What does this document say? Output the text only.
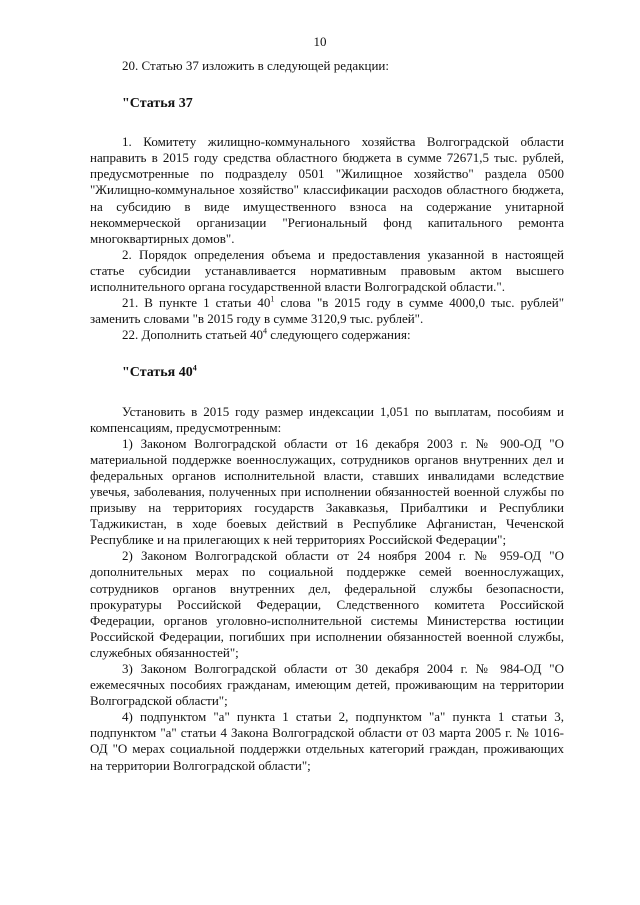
10

20. Статью 37 изложить в следующей редакции:

"Статья 37

1. Комитету жилищно-коммунального хозяйства Волгоградской области направить в 2015 году средства областного бюджета в сумме 72671,5 тыс. рублей, предусмотренные по подразделу 0501 "Жилищное хозяйство" раздела 0500 "Жилищно-коммунальное хозяйство" классификации расходов областного бюджета, на субсидию в виде имущественного взноса на содержание унитарной некоммерческой организации "Региональный фонд капитального ремонта многоквартирных домов".

2. Порядок определения объема и предоставления указанной в настоящей статье субсидии устанавливается нормативным правовым актом высшего исполнительного органа государственной власти Волгоградской области.".

21. В пункте 1 статьи $40^1$ слова "в 2015 году в сумме 4000,0 тыс. рублей" заменить словами "в 2015 году в сумме 3120,9 тыс. рублей".

22. Дополнить статьей $40^4$ следующего содержания:

"Статья $40^4$

Установить в 2015 году размер индексации 1,051 по выплатам, пособиям и компенсациям, предусмотренным:

1) Законом Волгоградской области от 16 декабря 2003 г. № 900-ОД "О материальной поддержке военнослужащих, сотрудников органов внутренних дел и федеральных органов исполнительной власти, ставших инвалидами вследствие увечья, заболевания, полученных при исполнении обязанностей военной службы по призыву на территориях государств Закавказья, Прибалтики и Республики Таджикистан, в ходе боевых действий в Республике Афганистан, Чеченской Республике и на прилегающих к ней территориях Российской Федерации";

2) Законом Волгоградской области от 24 ноября 2004 г. № 959-ОД "О дополнительных мерах по социальной поддержке семей военнослужащих, сотрудников органов внутренних дел, федеральной службы безопасности, прокуратуры Российской Федерации, Следственного комитета Российской Федерации, органов уголовно-исполнительной системы Министерства юстиции Российской Федерации, погибших при исполнении обязанностей военной службы, служебных обязанностей";

3) Законом Волгоградской области от 30 декабря 2004 г. № 984-ОД "О ежемесячных пособиях гражданам, имеющим детей, проживающим на территории Волгоградской области";

4) подпунктом "а" пункта 1 статьи 2, подпунктом "а" пункта 1 статьи 3, подпунктом "а" статьи 4 Закона Волгоградской области от 03 марта 2005 г. № 1016-ОД "О мерах социальной поддержки отдельных категорий граждан, проживающих на территории Волгоградской области";
